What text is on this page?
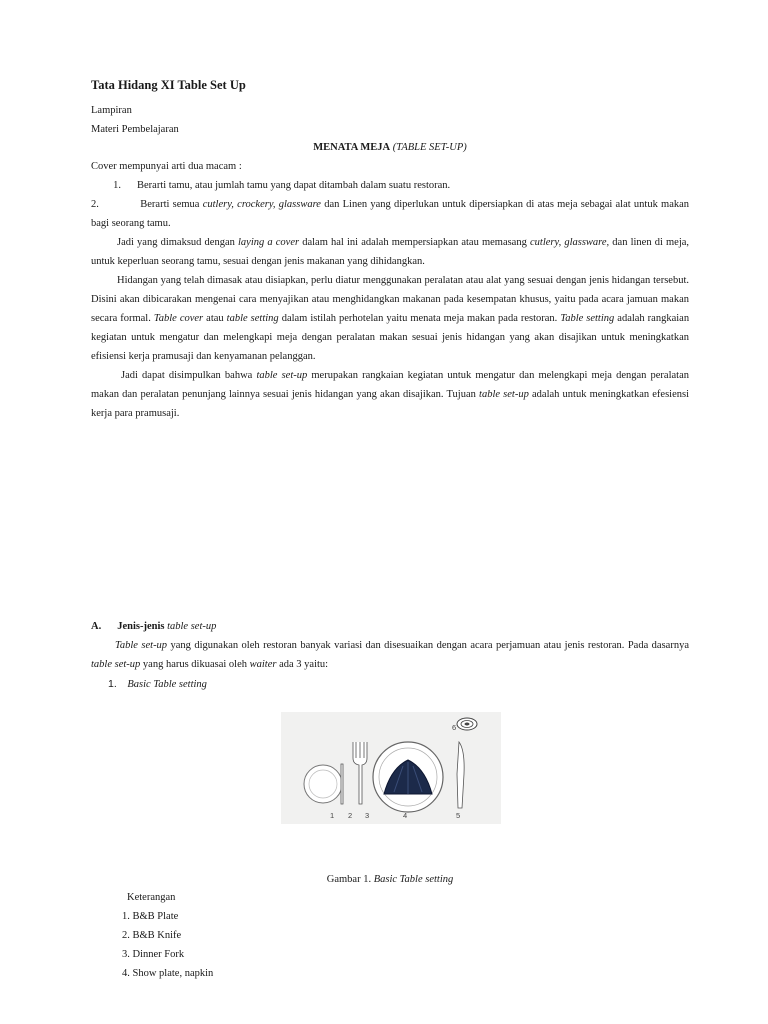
Tata Hidang XI Table Set Up
Lampiran
Materi Pembelajaran
MENATA MEJA (TABLE SET-UP)
Cover mempunyai arti dua macam :
1. Berarti tamu, atau jumlah tamu yang dapat ditambah dalam suatu restoran.
2.	Berarti semua cutlery, crockery, glassware dan Linen yang diperlukan untuk dipersiapkan di atas meja sebagai alat untuk makan bagi seorang tamu.
Jadi yang dimaksud dengan laying a cover dalam hal ini adalah mempersiapkan atau memasang cutlery, glassware, dan linen di meja, untuk keperluan seorang tamu, sesuai dengan jenis makanan yang dihidangkan.
Hidangan yang telah dimasak atau disiapkan, perlu diatur menggunakan peralatan atau alat yang sesuai dengan jenis hidangan tersebut. Disini akan dibicarakan mengenai cara menyajikan atau menghidangkan makanan pada kesempatan khusus, yaitu pada acara jamuan makan secara formal. Table cover atau table setting dalam istilah perhotelan yaitu menata meja makan pada restoran. Table setting adalah rangkaian kegiatan untuk mengatur dan melengkapi meja dengan peralatan makan sesuai jenis hidangan yang akan disajikan untuk meningkatkan efisiensi kerja pramusaji dan kenyamanan pelanggan.
Jadi dapat disimpulkan bahwa table set-up merupakan rangkaian kegiatan untuk mengatur dan melengkapi meja dengan peralatan makan dan peralatan penunjang lainnya sesuai jenis hidangan yang akan disajikan. Tujuan table set-up adalah untuk meningkatkan efesiensi kerja para pramusaji.
A. Jenis-jenis table set-up
Table set-up yang digunakan oleh restoran banyak variasi dan disesuaikan dengan acara perjamuan atau jenis restoran. Pada dasarnya table set-up yang harus dikuasai oleh waiter ada 3 yaitu:
1. Basic Table setting
1 2 3	4	5
6
Gambar 1. Basic Table setting
Keterangan
1. B&B Plate
2. B&B Knife
3. Dinner Fork
4. Show plate, napkin
